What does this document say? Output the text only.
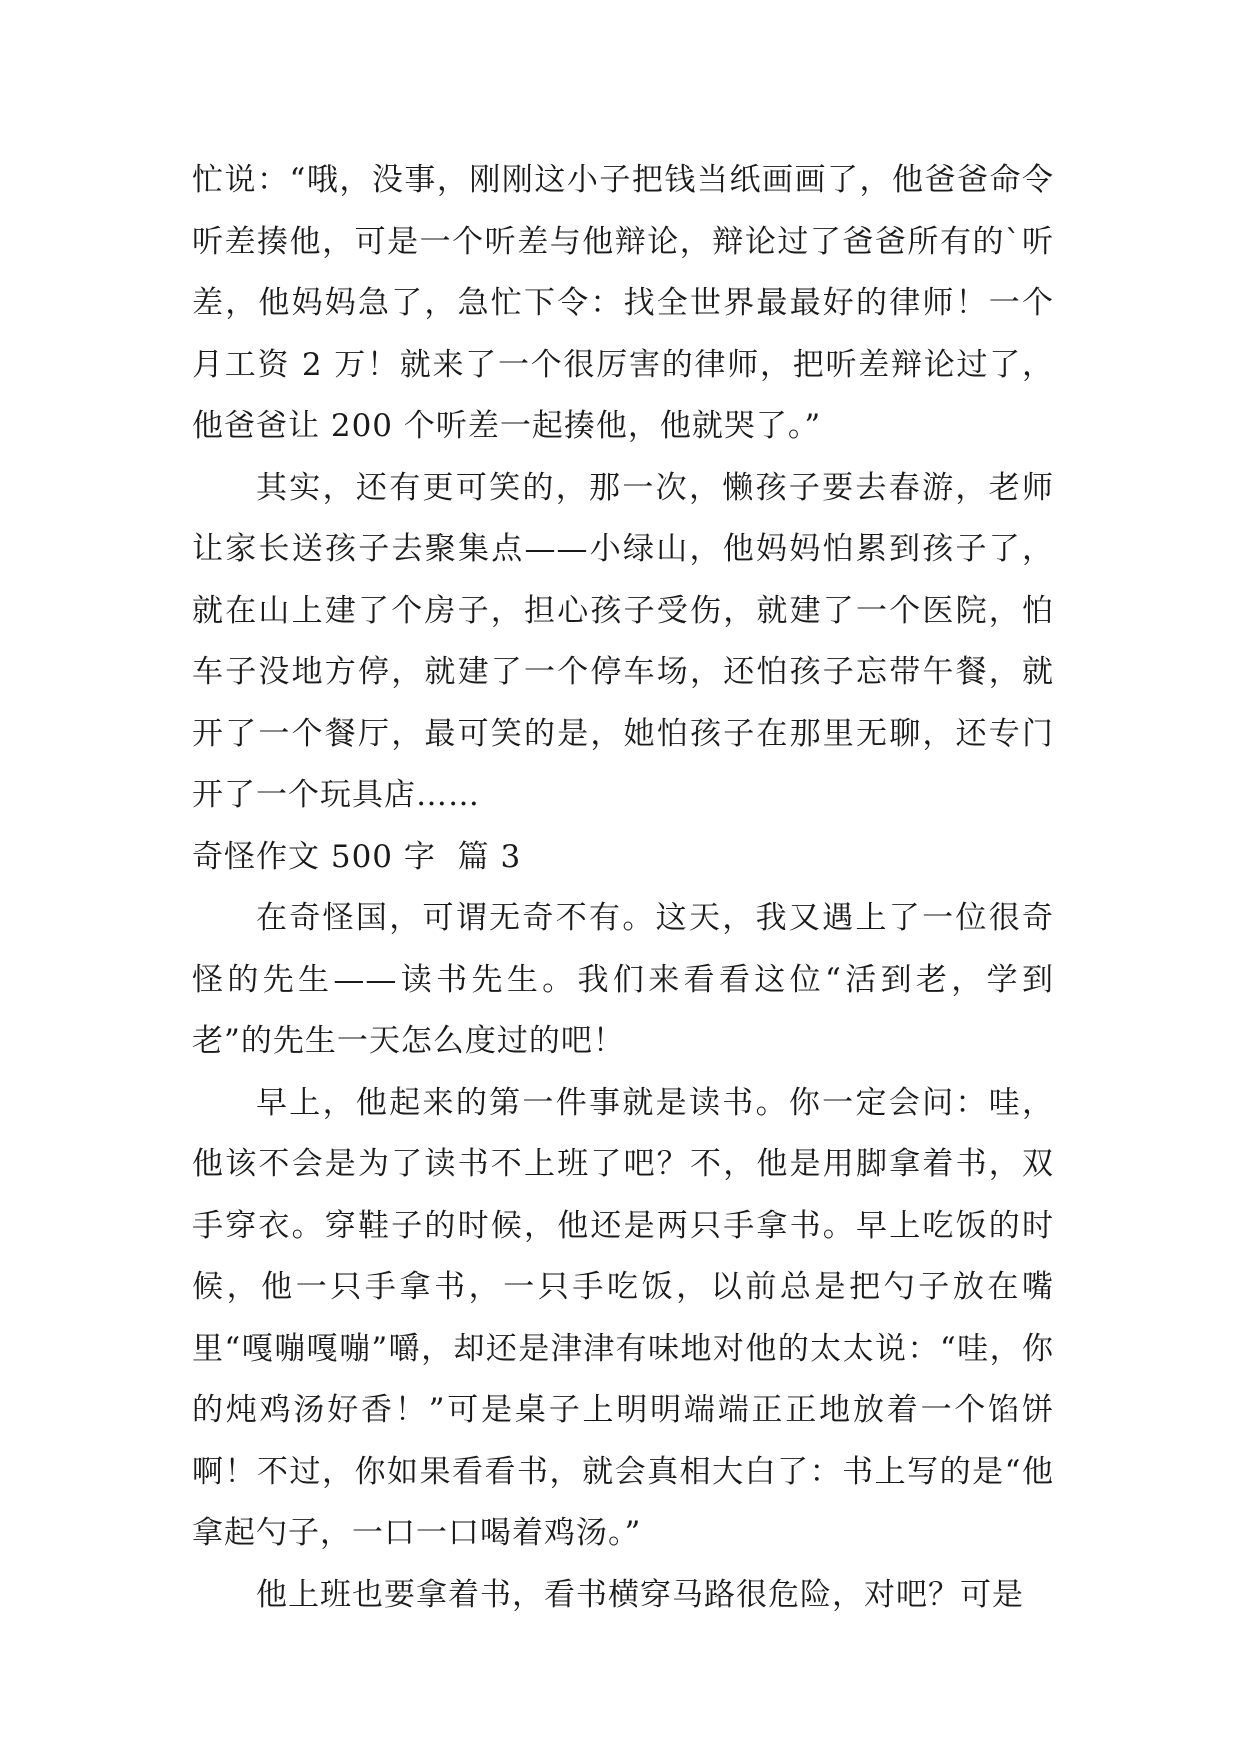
忙说：“哦，没事，刚刚这小子把钱当纸画画了，他爸爸命令听差揍他，可是一个听差与他辩论，辩论过了爸爸所有的`听差，他妈妈急了，急忙下令：找全世界最最好的律师！一个月工资 2 万！就来了一个很厉害的律师，把听差辩论过了，他爸爸让 200 个听差一起揍他，他就哭了。”

其实，还有更可笑的，那一次，懒孩子要去春游，老师让家长送孩子去聚集点——小绿山，他妈妈怕累到孩子了，就在山上建了个房子，担心孩子受伤，就建了一个医院，怕车子没地方停，就建了一个停车场，还怕孩子忘带午餐，就开了一个餐厅，最可笑的是，她怕孩子在那里无聊，还专门开了一个玩具店……

奇怪作文 500 字  篇 3

在奇怪国，可谓无奇不有。这天，我又遇上了一位很奇怪的先生——读书先生。我们来看看这位“活到老，学到老”的先生一天怎么度过的吧！

早上，他起来的第一件事就是读书。你一定会问：哇，他该不会是为了读书不上班了吧？不，他是用脚拿着书，双手穿衣。穿鞋子的时候，他还是两只手拿书。早上吃饭的时候，他一只手拿书，一只手吃饭，以前总是把勺子放在嘴里“嘎嘣嘎嘣”嚼，却还是津津有味地对他的太太说：“哇，你的炖鸡汤好香！”可是桌子上明明端端正正地放着一个馅饼啊！不过，你如果看看书，就会真相大白了：书上写的是“他拿起勺子，一口一口喝着鸡汤。”

他上班也要拿着书，看书横穿马路很危险，对吧？可是
